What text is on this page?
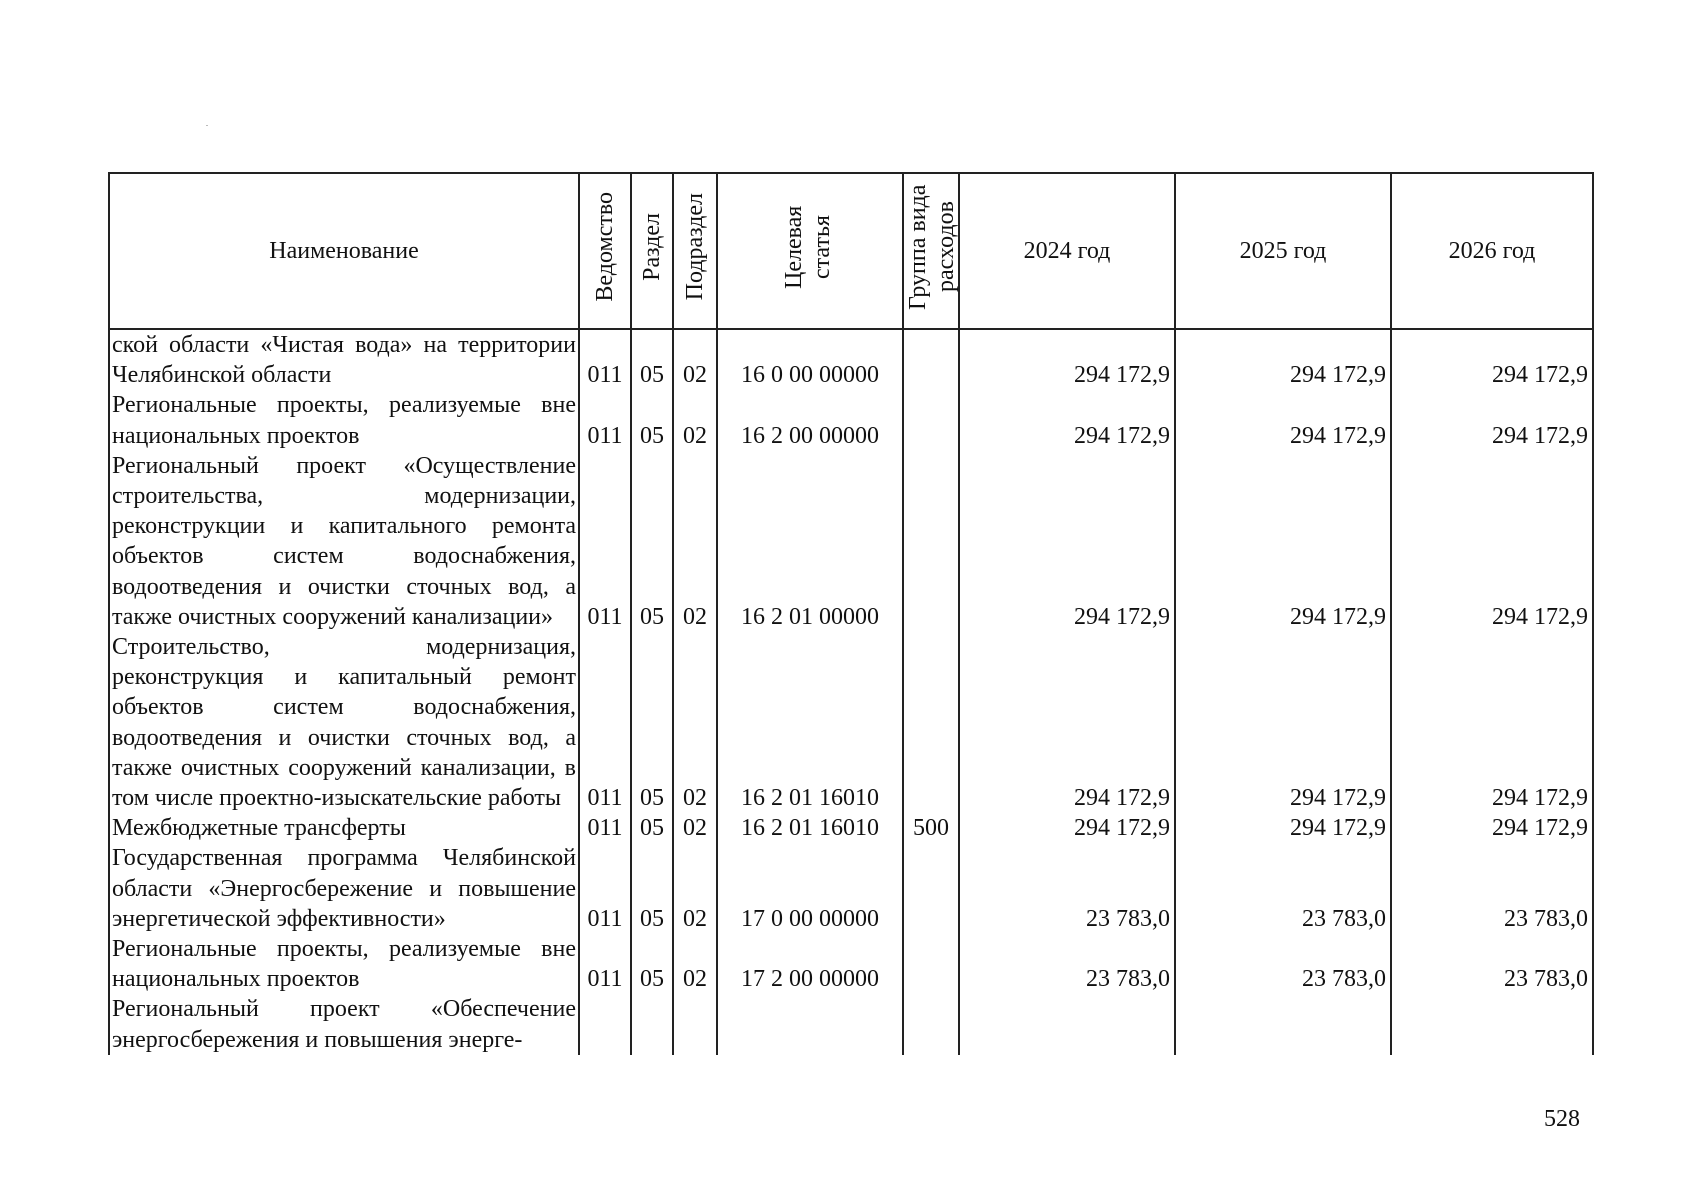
Наименование	Ведомство	Раздел	Подраздел	Целевая статья	Группа вида расходов	2024 год	2025 год	2026 год
ской области «Чистая вода» на территории Челябинской области	011	05	02	16 0 00 00000		294 172,9	294 172,9	294 172,9
Региональные проекты, реализуемые вне национальных проектов	011	05	02	16 2 00 00000		294 172,9	294 172,9	294 172,9
Региональный проект «Осуществление строительства, модернизации, реконструкции и капитального ремонта объектов систем водоснабжения, водоотведения и очистки сточных вод, а также очистных сооружений канализации»	011	05	02	16 2 01 00000		294 172,9	294 172,9	294 172,9
Строительство, модернизация, реконструкция и капитальный ремонт объектов систем водоснабжения, водоотведения и очистки сточных вод, а также очистных сооружений канализации, в том числе проектно-изыскательские работы	011	05	02	16 2 01 16010		294 172,9	294 172,9	294 172,9
Межбюджетные трансферты	011	05	02	16 2 01 16010	500	294 172,9	294 172,9	294 172,9
Государственная программа Челябинской области «Энергосбережение и повышение энергетической эффективности»	011	05	02	17 0 00 00000		23 783,0	23 783,0	23 783,0
Региональные проекты, реализуемые вне национальных проектов	011	05	02	17 2 00 00000		23 783,0	23 783,0	23 783,0
Региональный проект «Обеспечение энергосбережения и повышения энерге-								
528
